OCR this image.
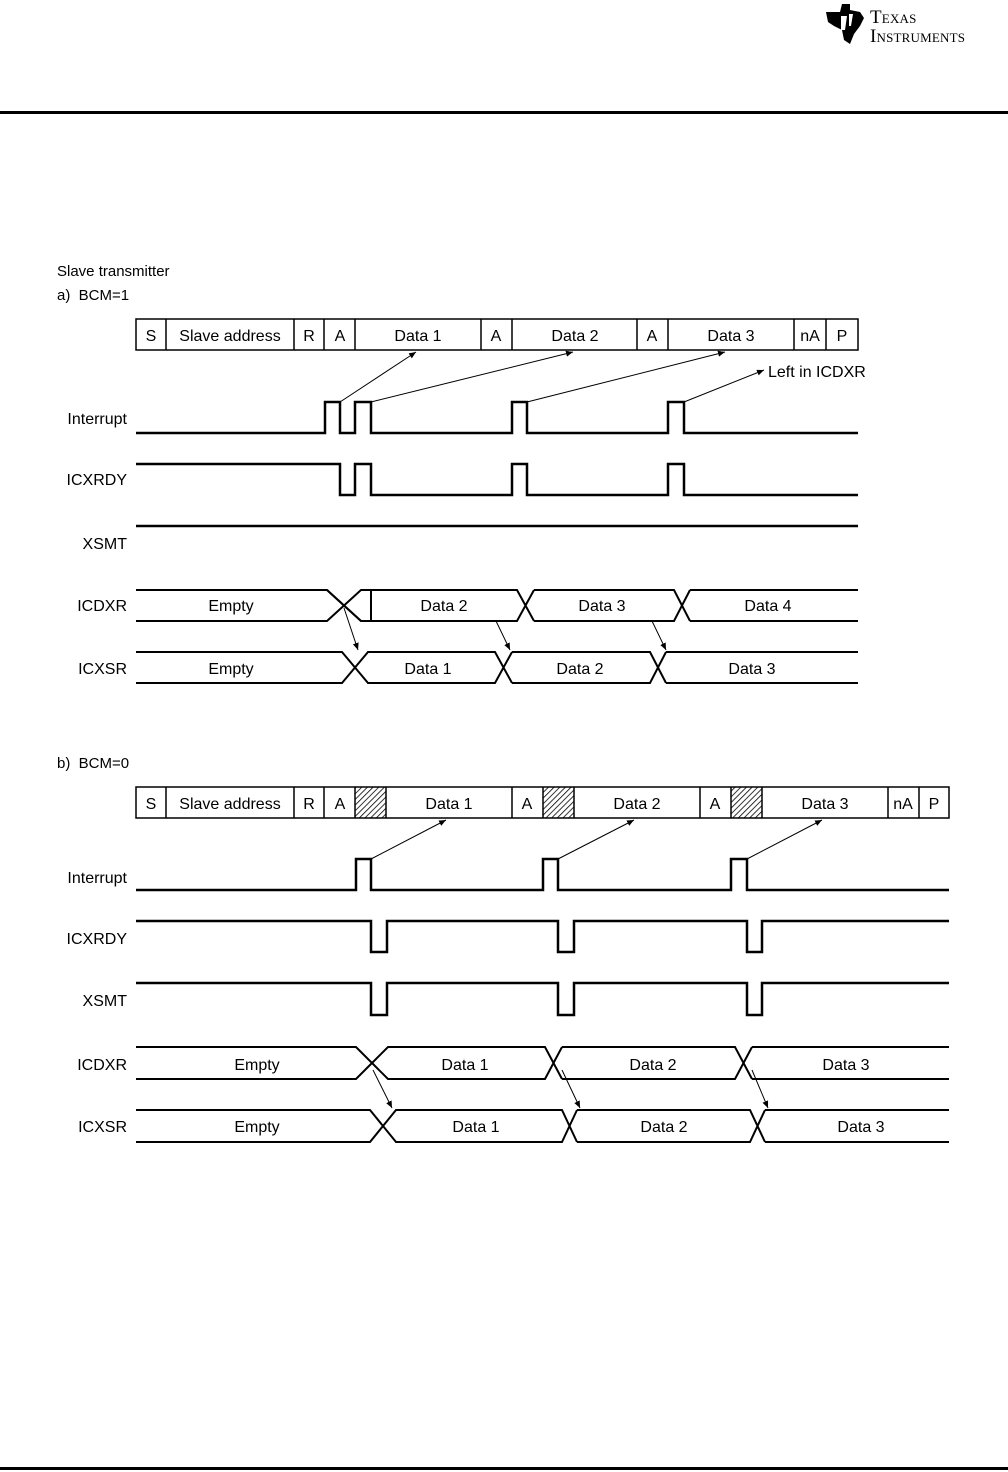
Texas
Instruments
Slave transmitter
a)  BCM=1
b)  BCM=0
S Slave address R A	Data 1	A	Data 2	A	Data 3	nA P
Left in ICDXR
Interrupt
ICXRDY
XSMT
ICDXR
ICXSR
Empty	Data 2	Data 3	Data 4
Empty	Data 1	Data 2	Data 3
S Slave address R A	Data 1	A	Data 2	A	Data 3	nA P
Interrupt
ICXRDY
XSMT
ICDXR
ICXSR
Empty	Data 1	Data 2	Data 3
Empty	Data 1	Data 2	Data 3
